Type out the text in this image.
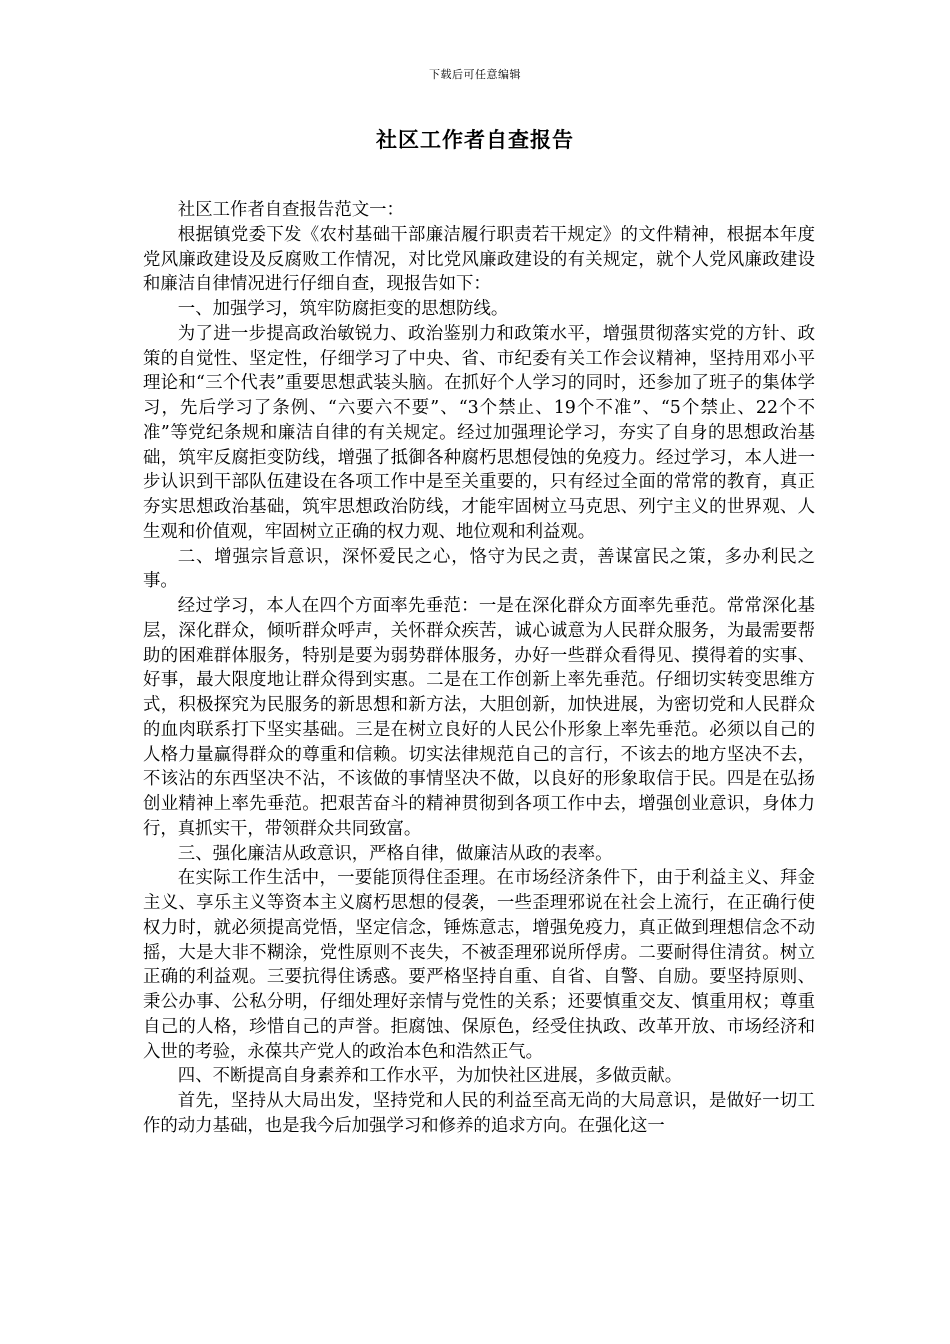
下载后可任意编辑
社区工作者自查报告

社区工作者自查报告范文一：

根据镇党委下发《农村基础干部廉洁履行职责若干规定》的文件精神，根据本年度党风廉政建设及反腐败工作情况，对比党风廉政建设的有关规定，就个人党风廉政建设和廉洁自律情况进行仔细自查，现报告如下：

一、加强学习，筑牢防腐拒变的思想防线。

为了进一步提高政治敏锐力、政治鉴别力和政策水平，增强贯彻落实党的方针、政策的自觉性、坚定性，仔细学习了中央、省、市纪委有关工作会议精神，坚持用邓小平理论和“三个代表”重要思想武装头脑。在抓好个人学习的同时，还参加了班子的集体学习，先后学习了条例、“六要六不要”、“3个禁止、19个不准”、“5个禁止、22个不准”等党纪条规和廉洁自律的有关规定。经过加强理论学习，夯实了自身的思想政治基础，筑牢反腐拒变防线，增强了抵御各种腐朽思想侵蚀的免疫力。经过学习，本人进一步认识到干部队伍建设在各项工作中是至关重要的，只有经过全面的常常的教育，真正夯实思想政治基础，筑牢思想政治防线，才能牢固树立马克思、列宁主义的世界观、人生观和价值观，牢固树立正确的权力观、地位观和利益观。

二、增强宗旨意识，深怀爱民之心，恪守为民之责，善谋富民之策，多办利民之事。

经过学习，本人在四个方面率先垂范：一是在深化群众方面率先垂范。常常深化基层，深化群众，倾听群众呼声，关怀群众疾苦，诚心诚意为人民群众服务，为最需要帮助的困难群体服务，特别是要为弱势群体服务，办好一些群众看得见、摸得着的实事、好事，最大限度地让群众得到实惠。二是在工作创新上率先垂范。仔细切实转变思维方式，积极探究为民服务的新思想和新方法，大胆创新，加快进展，为密切党和人民群众的血肉联系打下坚实基础。三是在树立良好的人民公仆形象上率先垂范。必须以自己的人格力量赢得群众的尊重和信赖。切实法律规范自己的言行，不该去的地方坚决不去，不该沾的东西坚决不沾，不该做的事情坚决不做，以良好的形象取信于民。四是在弘扬创业精神上率先垂范。把艰苦奋斗的精神贯彻到各项工作中去，增强创业意识，身体力行，真抓实干，带领群众共同致富。

三、强化廉洁从政意识，严格自律，做廉洁从政的表率。

在实际工作生活中，一要能顶得住歪理。在市场经济条件下，由于利益主义、拜金主义、享乐主义等资本主义腐朽思想的侵袭，一些歪理邪说在社会上流行，在正确行使权力时，就必须提高党悟，坚定信念，锤炼意志，增强免疫力，真正做到理想信念不动摇，大是大非不糊涂，党性原则不丧失，不被歪理邪说所俘虏。二要耐得住清贫。树立正确的利益观。三要抗得住诱惑。要严格坚持自重、自省、自警、自励。要坚持原则、秉公办事、公私分明，仔细处理好亲情与党性的关系；还要慎重交友、慎重用权；尊重自己的人格，珍惜自己的声誉。拒腐蚀、保原色，经受住执政、改革开放、市场经济和入世的考验，永葆共产党人的政治本色和浩然正气。

四、不断提高自身素养和工作水平，为加快社区进展，多做贡献。

首先，坚持从大局出发，坚持党和人民的利益至高无尚的大局意识，是做好一切工作的动力基础，也是我今后加强学习和修养的追求方向。在强化这一
